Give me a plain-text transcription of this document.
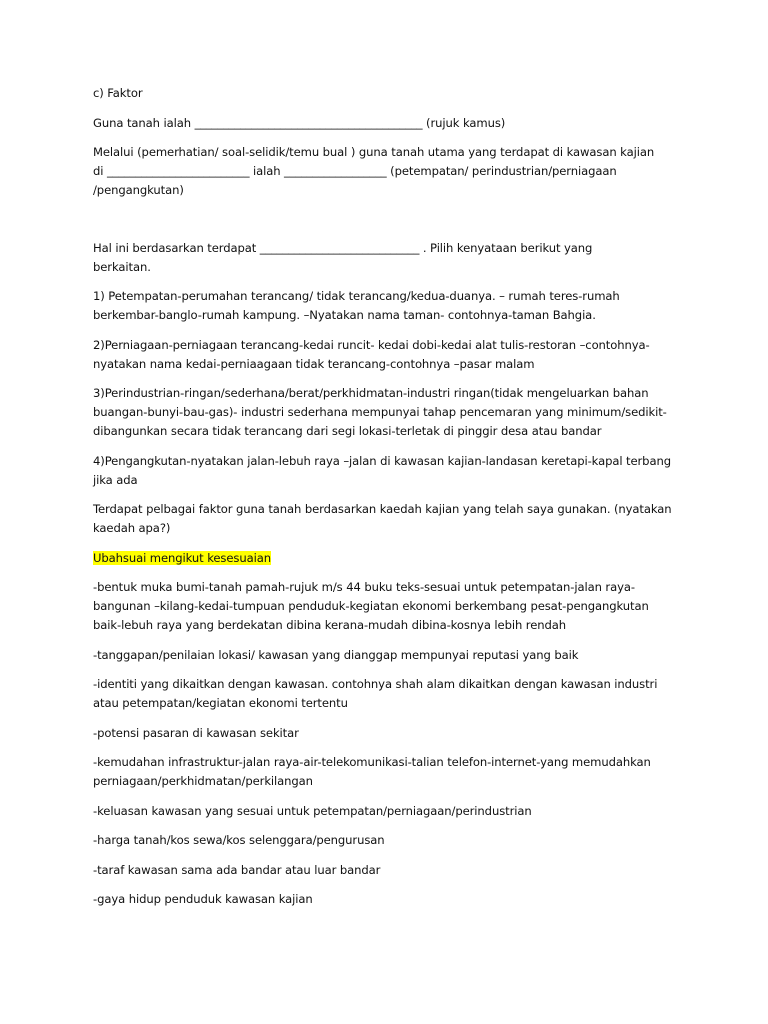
c) Faktor

Guna tanah ialah ________________________________________ (rujuk kamus)

Melalui (pemerhatian/ soal-selidik/temu bual ) guna tanah utama yang terdapat di kawasan kajian
di _________________________ ialah __________________ (petempatan/ perindustrian/perniagaan
/pengangkutan)

Hal ini berdasarkan terdapat ____________________________ . Pilih kenyataan berikut yang
berkaitan.

1) Petempatan-perumahan terancang/ tidak terancang/kedua-duanya. – rumah teres-rumah
berkembar-banglo-rumah kampung. –Nyatakan nama taman- contohnya-taman Bahgia.

2)Perniagaan-perniagaan terancang-kedai runcit- kedai dobi-kedai alat tulis-restoran –contohnya-
nyatakan nama kedai-perniaagaan tidak terancang-contohnya –pasar malam

3)Perindustrian-ringan/sederhana/berat/perkhidmatan-industri ringan(tidak mengeluarkan bahan
buangan-bunyi-bau-gas)- industri sederhana mempunyai tahap pencemaran yang minimum/sedikit-
dibangunkan secara tidak terancang dari segi lokasi-terletak di pinggir desa atau bandar

4)Pengangkutan-nyatakan jalan-lebuh raya –jalan di kawasan kajian-landasan keretapi-kapal terbang
jika ada

Terdapat pelbagai faktor guna tanah berdasarkan kaedah kajian yang telah saya gunakan. (nyatakan
kaedah apa?)

Ubahsuai mengikut kesesuaian

-bentuk muka bumi-tanah pamah-rujuk m/s 44 buku teks-sesuai untuk petempatan-jalan raya-
bangunan –kilang-kedai-tumpuan penduduk-kegiatan ekonomi berkembang pesat-pengangkutan
baik-lebuh raya yang berdekatan dibina kerana-mudah dibina-kosnya lebih rendah

-tanggapan/penilaian lokasi/ kawasan yang dianggap mempunyai reputasi yang baik

-identiti yang dikaitkan dengan kawasan. contohnya shah alam dikaitkan dengan kawasan industri
atau petempatan/kegiatan ekonomi tertentu

-potensi pasaran di kawasan sekitar

-kemudahan infrastruktur-jalan raya-air-telekomunikasi-talian telefon-internet-yang memudahkan
perniagaan/perkhidmatan/perkilangan

-keluasan kawasan yang sesuai untuk petempatan/perniagaan/perindustrian

-harga tanah/kos sewa/kos selenggara/pengurusan

-taraf kawasan sama ada bandar atau luar bandar

-gaya hidup penduduk kawasan kajian
